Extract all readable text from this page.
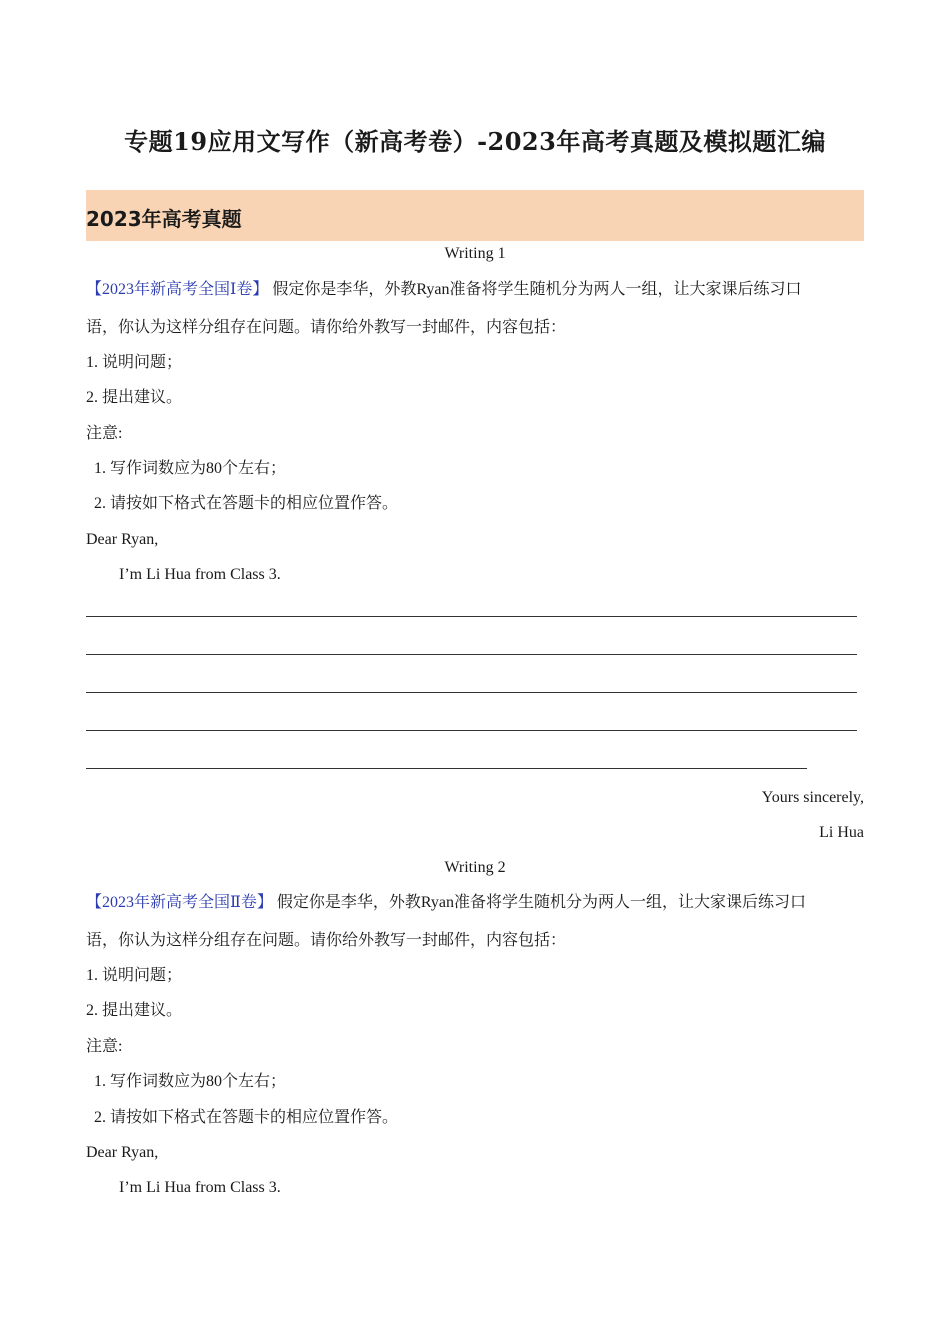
专题19应用文写作（新高考卷）-2023年高考真题及模拟题汇编
2023年高考真题
Writing 1
【2023年新高考全国Ⅰ卷】 假定你是李华，外教Ryan准备将学生随机分为两人一组，让大家课后练习口
语，你认为这样分组存在问题。请你给外教写一封邮件，内容包括：
1. 说明问题；
2. 提出建议。
注意:
1. 写作词数应为80个左右；
2. 请按如下格式在答题卡的相应位置作答。
Dear Ryan,
I’m Li Hua from Class 3.
Yours sincerely,
Li Hua
Writing 2
【2023年新高考全国Ⅱ卷】 假定你是李华，外教Ryan准备将学生随机分为两人一组，让大家课后练习口
语，你认为这样分组存在问题。请你给外教写一封邮件，内容包括：
1. 说明问题；
2. 提出建议。
注意:
1. 写作词数应为80个左右；
2. 请按如下格式在答题卡的相应位置作答。
Dear Ryan,
I’m Li Hua from Class 3.
